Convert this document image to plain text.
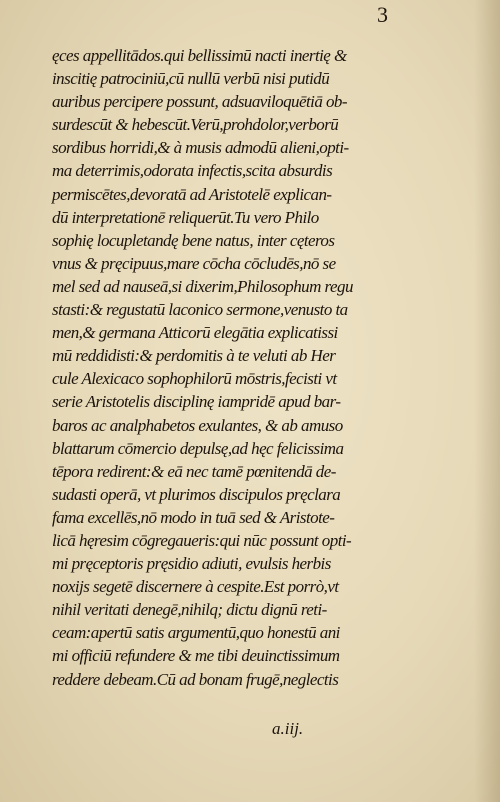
3
ęces appellitādos.qui bellissimū nacti inertię &
inscitię patrociniū,cū nullū verbū nisi putidū
auribus percipere possunt, adsuaviloquētiā ob-
surdescūt & hebescūt.Verū,prohdolor,verborū
sordibus horridi,& à musis admodū alieni,opti-
ma deterrimis,odorata infectis,scita absurdis
permiscētes,devoratā ad Aristotelē explican-
dū interpretationē reliquerūt.Tu vero Philo
sophię locupletandę bene natus, inter cęteros
vnus & pręcipuus,mare cōcha cōcludēs,nō se
mel sed ad nauseā,si dixerim,Philosophum regu
stasti:& regustatū laconico sermone,venusto ta
men,& germana Atticorū elegātia explicatissi
mū reddidisti:& perdomitis à te veluti ab Her
cule Alexicaco sophophilorū mōstris,fecisti vt
serie Aristotelis disciplinę iampridē apud bar-
baros ac analphabetos exulantes, & ab amuso
blattarum cōmercio depulsę,ad hęc felicissima
tēpora redirent:& eā nec tamē pœnitendā de-
sudasti operā, vt plurimos discipulos pręclara
fama excellēs,nō modo in tuā sed & Aristote-
licā hęresim cōgregaueris:qui nūc possunt opti-
mi pręceptoris pręsidio adiuti, evulsis herbis
noxijs segetē discernere à cespite.Est porrò,vt
nihil veritati denegē,nihilq; dictu dignū reti-
ceam:apertū satis argumentū,quo honestū ani
mi officiū refundere & me tibi deuinctissimum
reddere debeam.Cū ad bonam frugē,neglectis
a.iij.
